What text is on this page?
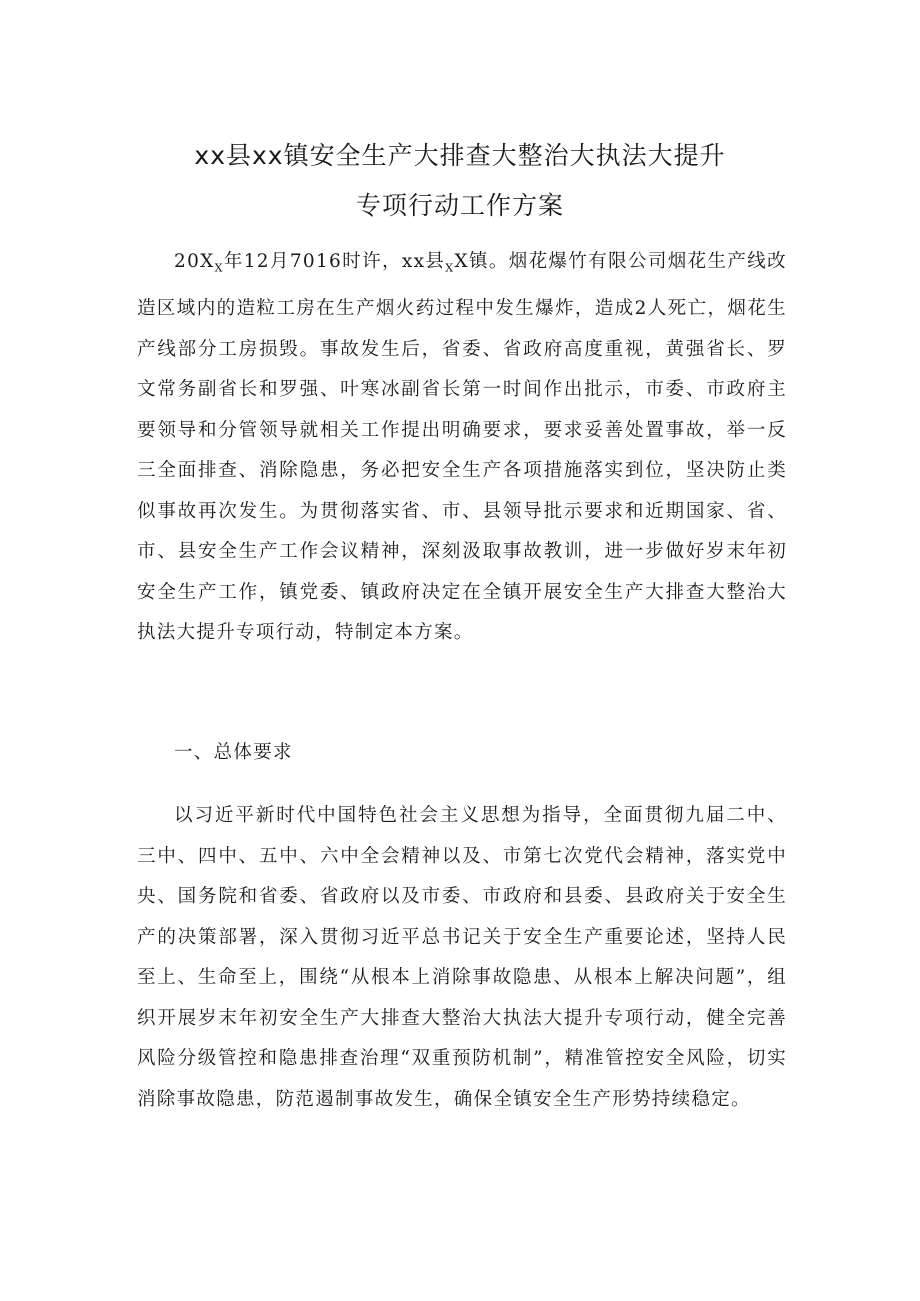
xx县xx镇安全生产大排查大整治大执法大提升
专项行动工作方案

$20X_X$年12月7016时许，xx县$_X$X镇。烟花爆竹有限公司烟花生产线改造区域内的造粒工房在生产烟火药过程中发生爆炸，造成2人死亡，烟花生产线部分工房损毁。事故发生后，省委、省政府高度重视，黄强省长、罗文常务副省长和罗强、叶寒冰副省长第一时间作出批示，市委、市政府主要领导和分管领导就相关工作提出明确要求，要求妥善处置事故，举一反三全面排查、消除隐患，务必把安全生产各项措施落实到位，坚决防止类似事故再次发生。为贯彻落实省、市、县领导批示要求和近期国家、省、市、县安全生产工作会议精神，深刻汲取事故教训，进一步做好岁末年初安全生产工作，镇党委、镇政府决定在全镇开展安全生产大排查大整治大执法大提升专项行动，特制定本方案。

一、总体要求

以习近平新时代中国特色社会主义思想为指导，全面贯彻九届二中、三中、四中、五中、六中全会精神以及、市第七次党代会精神，落实党中央、国务院和省委、省政府以及市委、市政府和县委、县政府关于安全生产的决策部署，深入贯彻习近平总书记关于安全生产重要论述，坚持人民至上、生命至上，围绕“从根本上消除事故隐患、从根本上解决问题”，组织开展岁末年初安全生产大排查大整治大执法大提升专项行动，健全完善风险分级管控和隐患排查治理“双重预防机制”，精准管控安全风险，切实消除事故隐患，防范遏制事故发生，确保全镇安全生产形势持续稳定。
